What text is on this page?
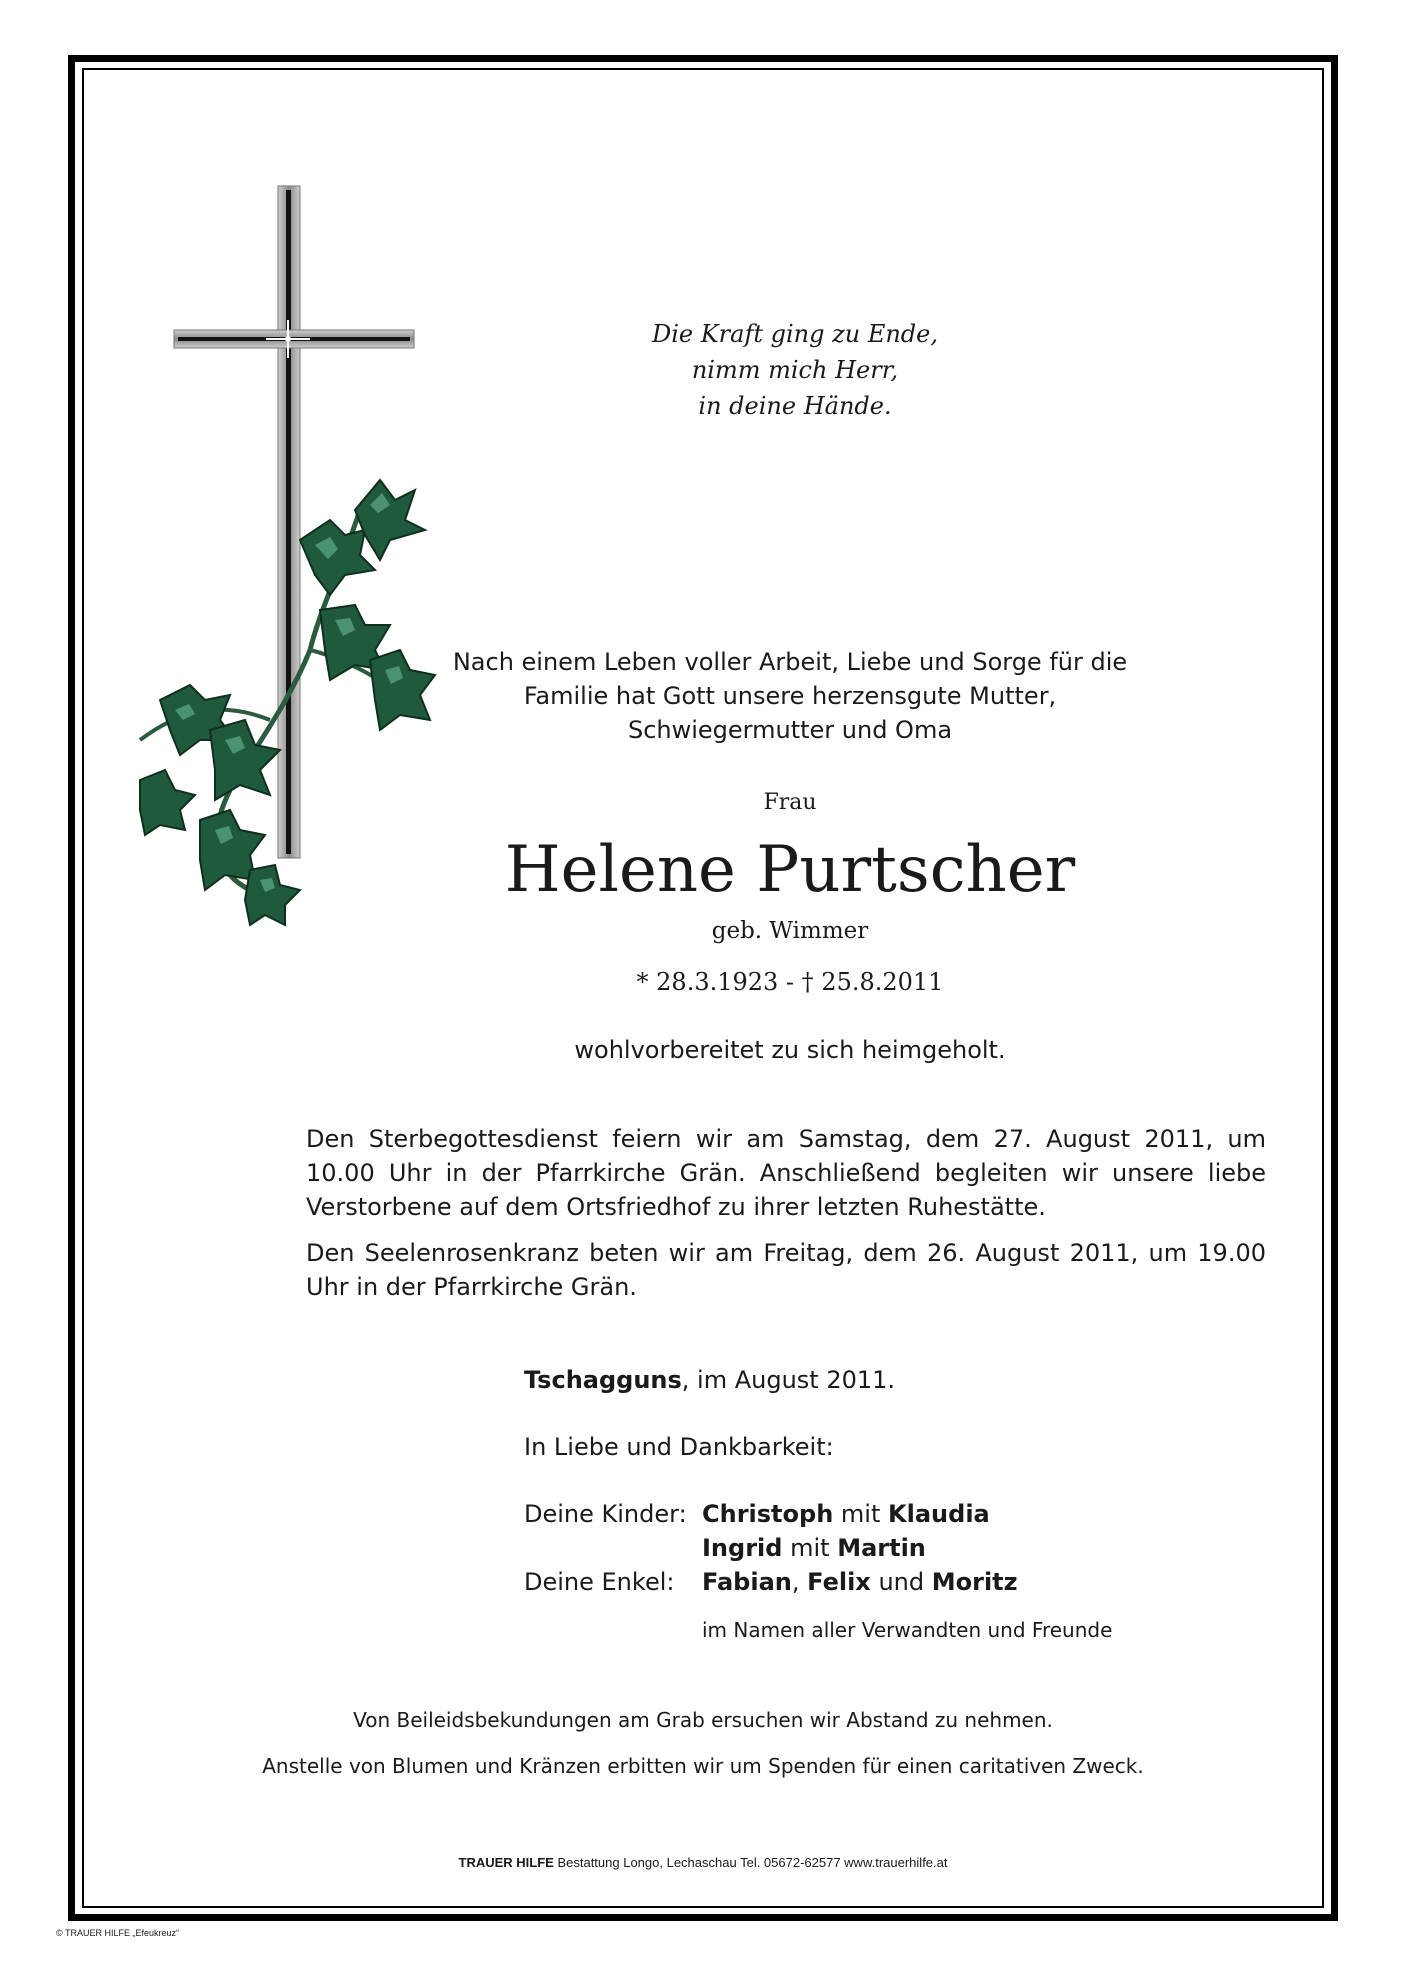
Die Kraft ging zu Ende,
nimm mich Herr,
in deine Hände.
Nach einem Leben voller Arbeit, Liebe und Sorge für die
Familie hat Gott unsere herzensgute Mutter,
Schwiegermutter und Oma
Frau
Helene Purtscher
geb. Wimmer
* 28.3.1923 - † 25.8.2011
wohlvorbereitet zu sich heimgeholt.
Den Sterbegottesdienst feiern wir am Samstag, dem 27. August 2011, um 10.00 Uhr in der Pfarrkirche Grän. Anschließend begleiten wir unsere liebe Verstorbene auf dem Ortsfriedhof zu ihrer letzten Ruhestätte.
Den Seelenrosenkranz beten wir am Freitag, dem 26. August 2011, um 19.00 Uhr in der Pfarrkirche Grän.
Tschagguns, im August 2011.
In Liebe und Dankbarkeit:
Deine Kinder: Christoph mit Klaudia
Ingrid mit Martin
Deine Enkel: Fabian, Felix und Moritz
im Namen aller Verwandten und Freunde
Von Beileidsbekundungen am Grab ersuchen wir Abstand zu nehmen.
Anstelle von Blumen und Kränzen erbitten wir um Spenden für einen caritativen Zweck.
TRAUER HILFE Bestattung Longo, Lechaschau Tel. 05672-62577 www.trauerhilfe.at
© TRAUER HILFE „Efeukreuz“
